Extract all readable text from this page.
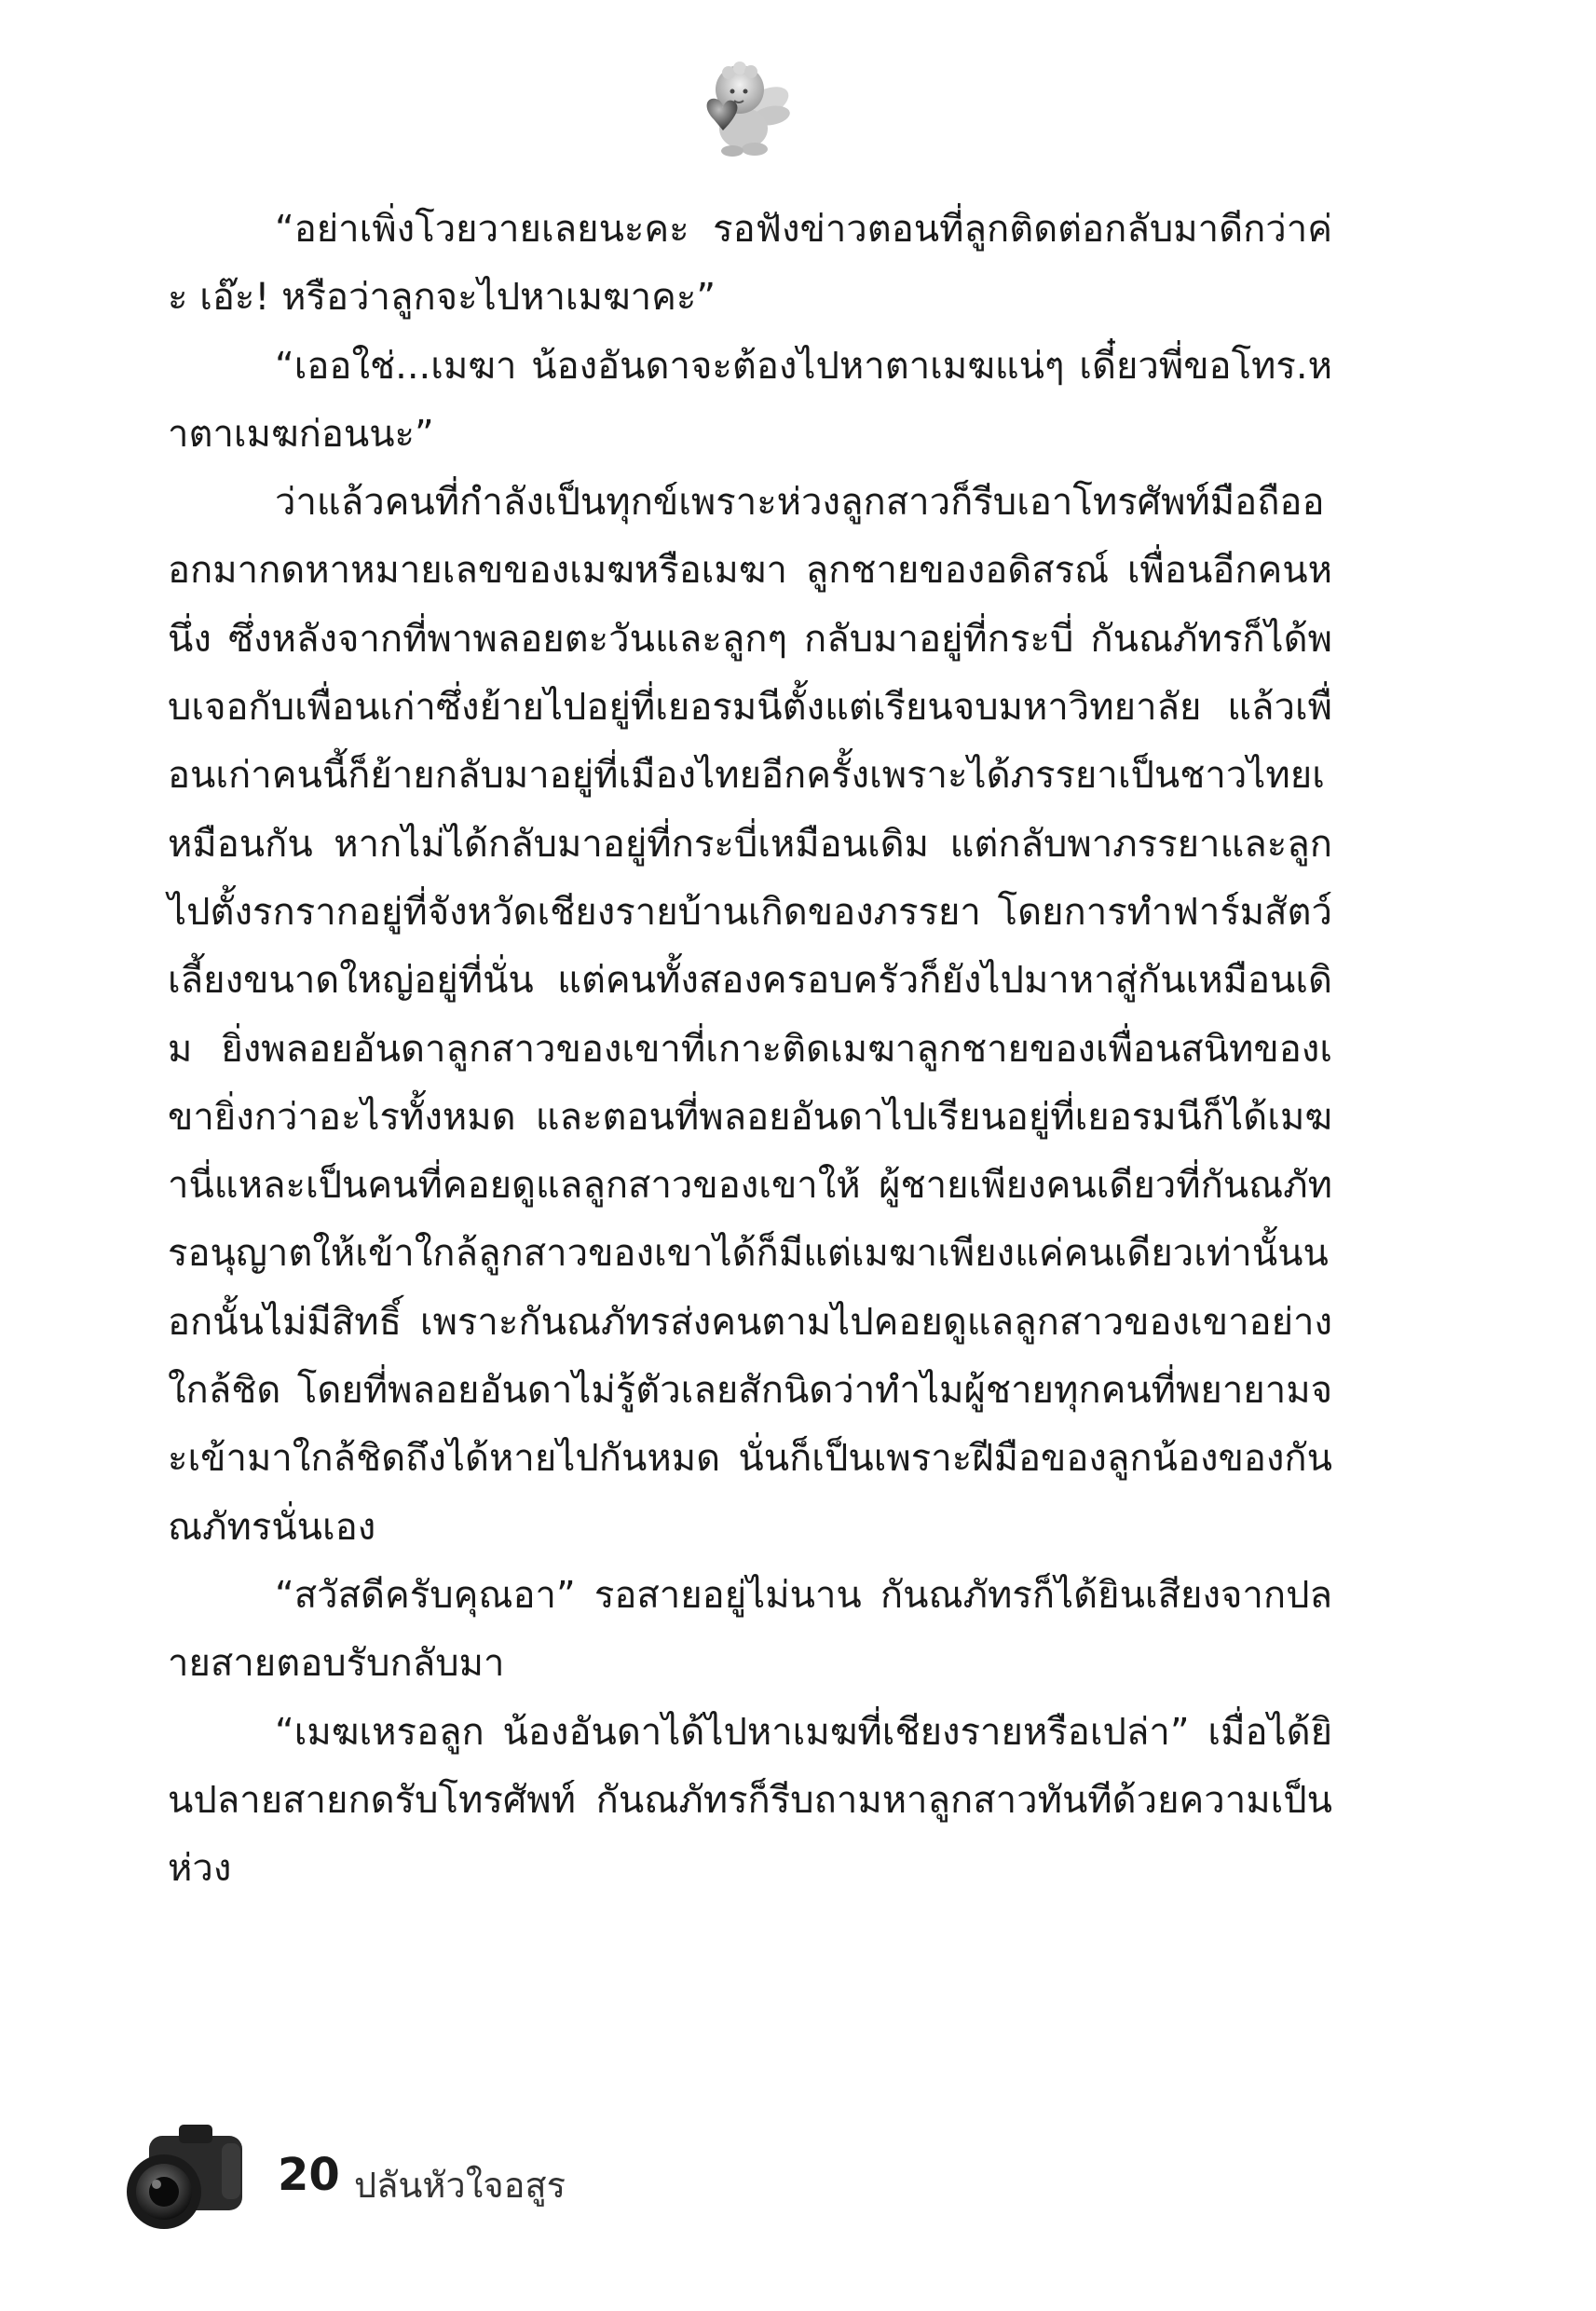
“อย่าเพิ่งโวยวายเลยนะคะ รอฟังข่าวตอนที่ลูกติดต่อกลับมาดีกว่าค่ะ เอ๊ะ! หรือว่าลูกจะไปหาเมฆาคะ”

“เออใช่...เมฆา น้องอันดาจะต้องไปหาตาเมฆแน่ๆ เดี๋ยวพี่ขอโทร.หาตาเมฆก่อนนะ”

ว่าแล้วคนที่กำลังเป็นทุกข์เพราะห่วงลูกสาวก็รีบเอาโทรศัพท์มือถือออกมากดหาหมายเลขของเมฆหรือเมฆา ลูกชายของอดิสรณ์ เพื่อนอีกคนหนึ่ง ซึ่งหลังจากที่พาพลอยตะวันและลูกๆ กลับมาอยู่ที่กระบี่ กันณภัทรก็ได้พบเจอกับเพื่อนเก่าซึ่งย้ายไปอยู่ที่เยอรมนีตั้งแต่เรียนจบมหาวิทยาลัย แล้วเพื่อนเก่าคนนี้ก็ย้ายกลับมาอยู่ที่เมืองไทยอีกครั้งเพราะได้ภรรยาเป็นชาวไทยเหมือนกัน หากไม่ได้กลับมาอยู่ที่กระบี่เหมือนเดิม แต่กลับพาภรรยาและลูกไปตั้งรกรากอยู่ที่จังหวัดเชียงรายบ้านเกิดของภรรยา โดยการทำฟาร์มสัตว์เลี้ยงขนาดใหญ่อยู่ที่นั่น แต่คนทั้งสองครอบครัวก็ยังไปมาหาสู่กันเหมือนเดิม ยิ่งพลอยอันดาลูกสาวของเขาที่เกาะติดเมฆาลูกชายของเพื่อนสนิทของเขายิ่งกว่าอะไรทั้งหมด และตอนที่พลอยอันดาไปเรียนอยู่ที่เยอรมนีก็ได้เมฆานี่แหละเป็นคนที่คอยดูแลลูกสาวของเขาให้ ผู้ชายเพียงคนเดียวที่กันณภัทรอนุญาตให้เข้าใกล้ลูกสาวของเขาได้ก็มีแต่เมฆาเพียงแค่คนเดียวเท่านั้นนอกนั้นไม่มีสิทธิ์ เพราะกันณภัทรส่งคนตามไปคอยดูแลลูกสาวของเขาอย่างใกล้ชิด โดยที่พลอยอันดาไม่รู้ตัวเลยสักนิดว่าทำไมผู้ชายทุกคนที่พยายามจะเข้ามาใกล้ชิดถึงได้หายไปกันหมด นั่นก็เป็นเพราะฝีมือของลูกน้องของกันณภัทรนั่นเอง

“สวัสดีครับคุณอา” รอสายอยู่ไม่นาน กันณภัทรก็ได้ยินเสียงจากปลายสายตอบรับกลับมา

“เมฆเหรอลูก น้องอันดาได้ไปหาเมฆที่เชียงรายหรือเปล่า” เมื่อได้ยินปลายสายกดรับโทรศัพท์ กันณภัทรก็รีบถามหาลูกสาวทันทีด้วยความเป็นห่วง

20 ปลันหัวใจอสูร
